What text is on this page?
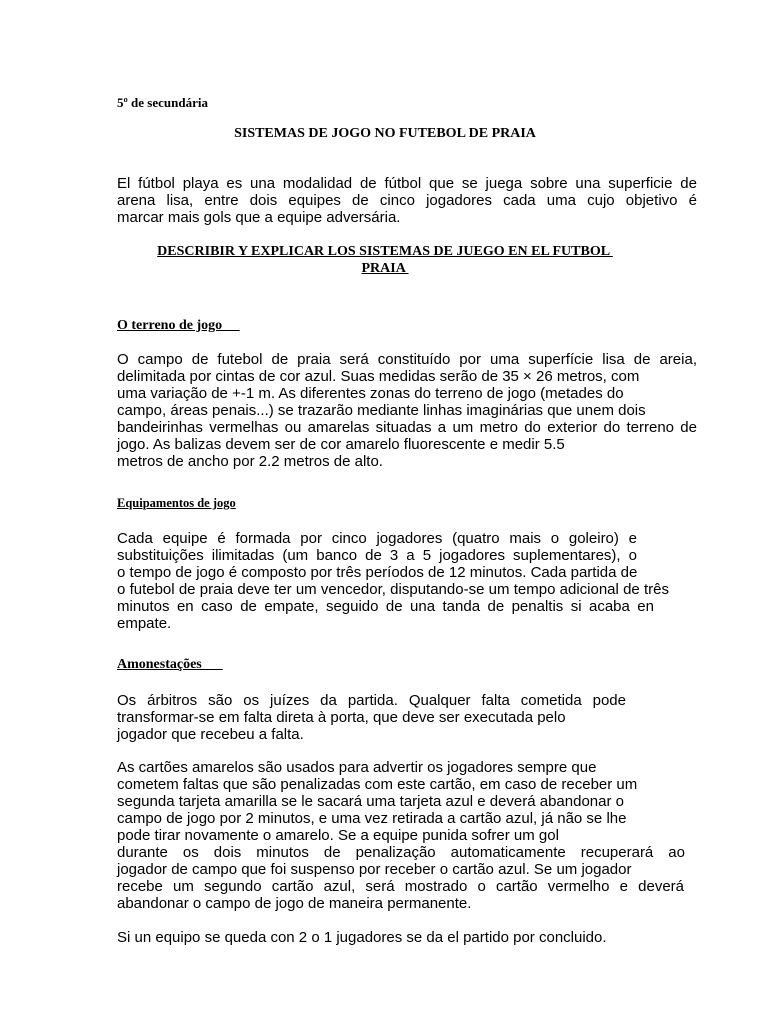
5º de secundária
SISTEMAS DE JOGO NO FUTEBOL DE PRAIA
El fútbol playa es una modalidad de fútbol que se juega sobre una superficie de
arena lisa, entre dois equipes de cinco jogadores cada uma cujo objetivo é
marcar mais gols que a equipe adversária.
DESCRIBIR Y EXPLICAR LOS SISTEMAS DE JUEGO EN EL FUTBOL
PRAIA
O terreno de jogo
O campo de futebol de praia será constituído por uma superfície lisa de areia,
delimitada por cintas de cor azul. Suas medidas serão de 35 × 26 metros, com
uma variação de +-1 m. As diferentes zonas do terreno de jogo (metades do
campo, áreas penais...) se trazarão mediante linhas imaginárias que unem dois
bandeirinhas vermelhas ou amarelas situadas a um metro do exterior do terreno de
jogo. As balizas devem ser de cor amarelo fluorescente e medir 5.5
metros de ancho por 2.2 metros de alto.
Equipamentos de jogo
Cada equipe é formada por cinco jogadores (quatro mais o goleiro) e
substituições ilimitadas (um banco de 3 a 5 jogadores suplementares), o
o tempo de jogo é composto por três períodos de 12 minutos. Cada partida de
o futebol de praia deve ter um vencedor, disputando-se um tempo adicional de três
minutos en caso de empate, seguido de una tanda de penaltis si acaba en
empate.
Amonestações
Os árbitros são os juízes da partida. Qualquer falta cometida pode
transformar-se em falta direta à porta, que deve ser executada pelo
jogador que recebeu a falta.
As cartões amarelos são usados para advertir os jogadores sempre que
cometem faltas que são penalizadas com este cartão, em caso de receber um
segunda tarjeta amarilla se le sacará uma tarjeta azul e deverá abandonar o
campo de jogo por 2 minutos, e uma vez retirada a cartão azul, já não se lhe
pode tirar novamente o amarelo. Se a equipe punida sofrer um gol
durante os dois minutos de penalização automaticamente recuperará ao
jogador de campo que foi suspenso por receber o cartão azul. Se um jogador
recebe um segundo cartão azul, será mostrado o cartão vermelho e deverá
abandonar o campo de jogo de maneira permanente.
Si un equipo se queda con 2 o 1 jugadores se da el partido por concluido.
